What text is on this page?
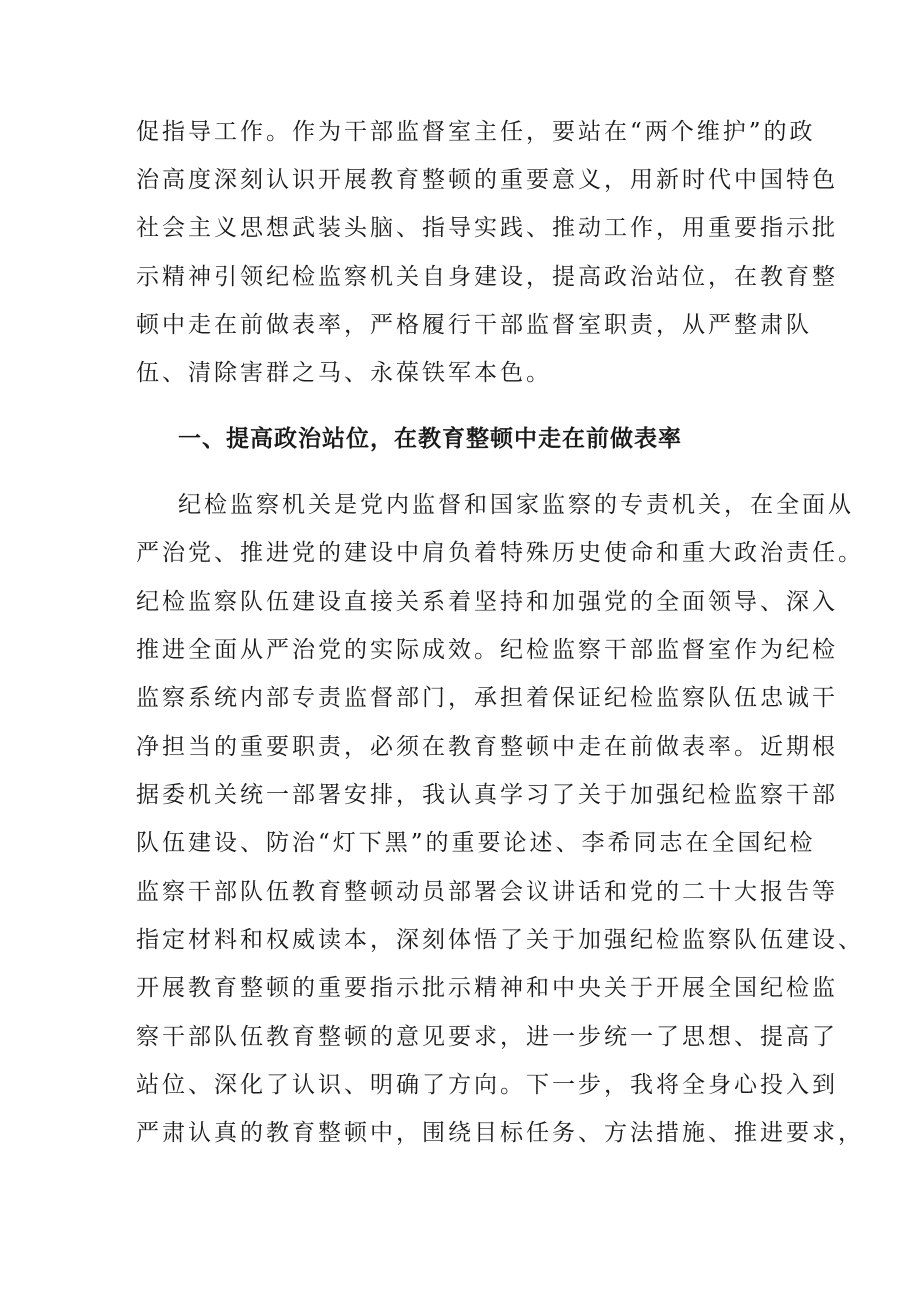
促指导工作。作为干部监督室主任，要站在“两个维护”的政
治高度深刻认识开展教育整顿的重要意义，用新时代中国特色
社会主义思想武装头脑、指导实践、推动工作，用重要指示批
示精神引领纪检监察机关自身建设，提高政治站位，在教育整
顿中走在前做表率，严格履行干部监督室职责，从严整肃队
伍、清除害群之马、永葆铁军本色。
一、提高政治站位，在教育整顿中走在前做表率
纪检监察机关是党内监督和国家监察的专责机关，在全面从
严治党、推进党的建设中肩负着特殊历史使命和重大政治责任。
纪检监察队伍建设直接关系着坚持和加强党的全面领导、深入
推进全面从严治党的实际成效。纪检监察干部监督室作为纪检
监察系统内部专责监督部门，承担着保证纪检监察队伍忠诚干
净担当的重要职责，必须在教育整顿中走在前做表率。近期根
据委机关统一部署安排，我认真学习了关于加强纪检监察干部
队伍建设、防治“灯下黑”的重要论述、李希同志在全国纪检
监察干部队伍教育整顿动员部署会议讲话和党的二十大报告等
指定材料和权威读本，深刻体悟了关于加强纪检监察队伍建设、
开展教育整顿的重要指示批示精神和中央关于开展全国纪检监
察干部队伍教育整顿的意见要求，进一步统一了思想、提高了
站位、深化了认识、明确了方向。下一步，我将全身心投入到
严肃认真的教育整顿中，围绕目标任务、方法措施、推进要求，
